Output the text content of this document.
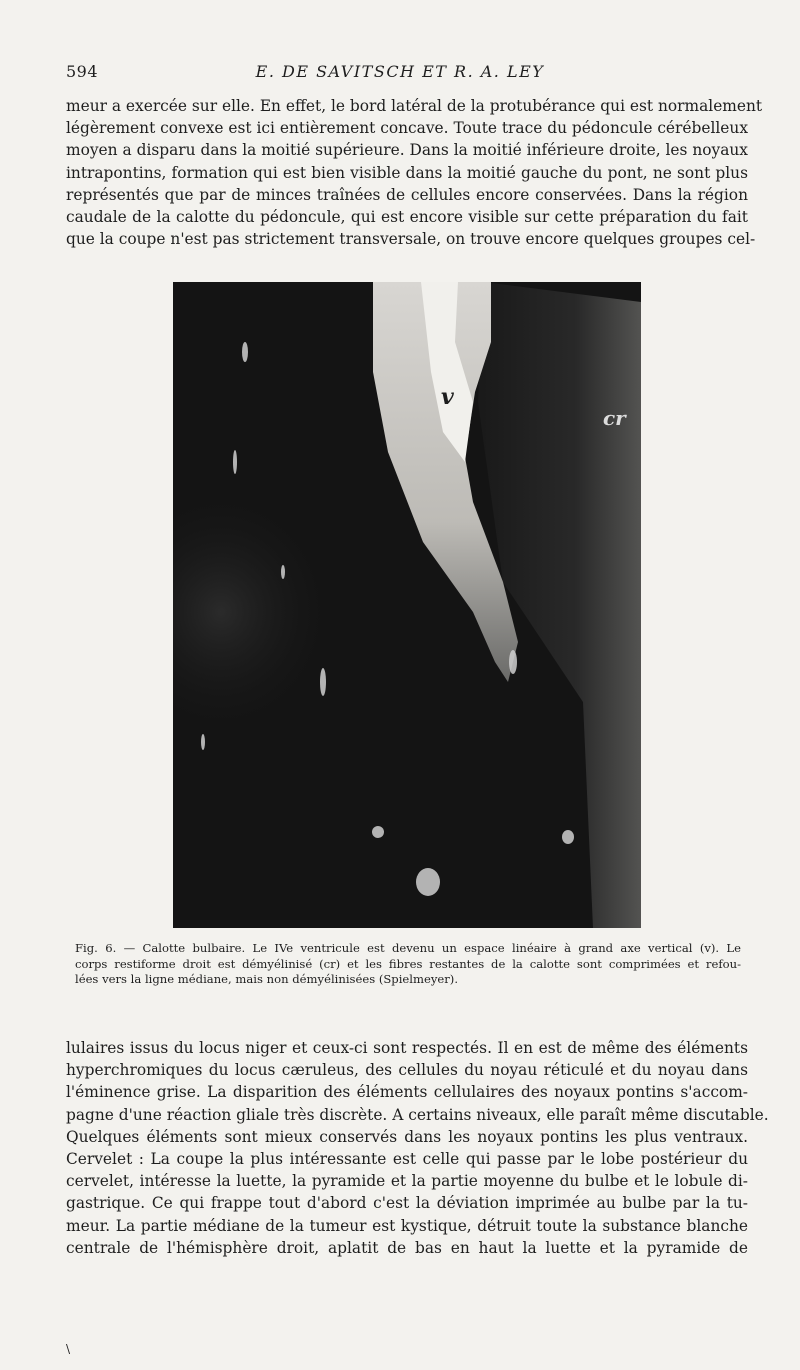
594	E. DE SAVITSCH ET R. A. LEY
meur a exercée sur elle. En effet, le bord latéral de la protubérance qui est normalement
légèrement convexe est ici entièrement concave. Toute trace du pédoncule cérébelleux
moyen a disparu dans la moitié supérieure. Dans la moitié inférieure droite, les noyaux
intrapontins, formation qui est bien visible dans la moitié gauche du pont, ne sont plus
représentés que par de minces traînées de cellules encore conservées. Dans la région
caudale de la calotte du pédoncule, qui est encore visible sur cette préparation du fait
que la coupe n'est pas strictement transversale, on trouve encore quelques groupes cel-
v
cr
Fig. 6. — Calotte bulbaire. Le IVe ventricule est devenu un espace linéaire à grand axe vertical (v). Le
corps restiforme droit est démyélinisé (cr) et les fibres restantes de la calotte sont comprimées et refou-
lées vers la ligne médiane, mais non démyélinisées (Spielmeyer).
lulaires issus du locus niger et ceux-ci sont respectés. Il en est de même des éléments
hyperchromiques du locus cæruleus, des cellules du noyau réticulé et du noyau dans
l'éminence grise. La disparition des éléments cellulaires des noyaux pontins s'accom-
pagne d'une réaction gliale très discrète. A certains niveaux, elle paraît même discutable.
Quelques éléments sont mieux conservés dans les noyaux pontins les plus ventraux.
Cervelet : La coupe la plus intéressante est celle qui passe par le lobe postérieur du
cervelet, intéresse la luette, la pyramide et la partie moyenne du bulbe et le lobule di-
gastrique. Ce qui frappe tout d'abord c'est la déviation imprimée au bulbe par la tu-
meur. La partie médiane de la tumeur est kystique, détruit toute la substance blanche
centrale de l'hémisphère droit, aplatit de bas en haut la luette et la pyramide de
\
